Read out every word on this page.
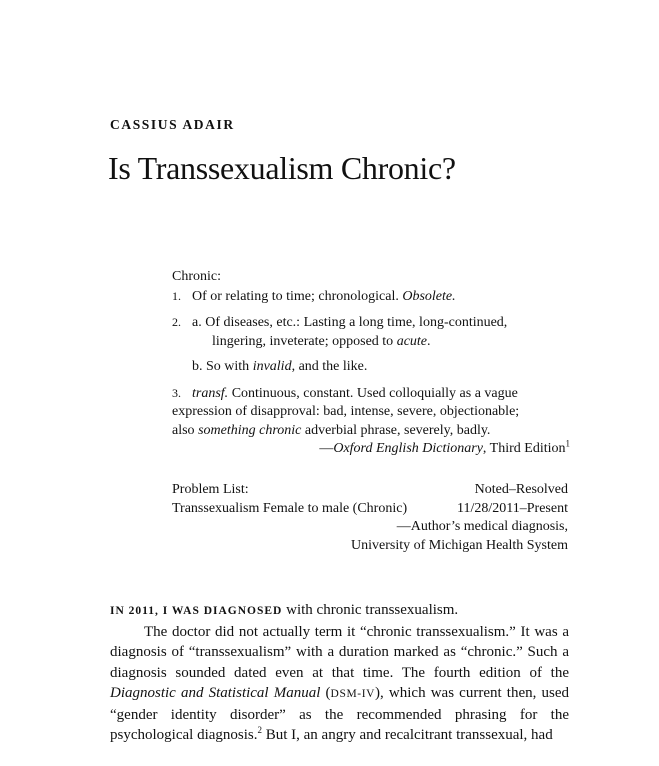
CASSIUS ADAIR
Is Transsexualism Chronic?
Chronic:
1. Of or relating to time; chronological. Obsolete.
2. a. Of diseases, etc.: Lasting a long time, long-continued,
lingering, inveterate; opposed to acute.
b. So with invalid, and the like.
3. transf. Continuous, constant. Used colloquially as a vague
expression of disapproval: bad, intense, severe, objectionable;
also something chronic adverbial phrase, severely, badly.
—Oxford English Dictionary, Third Edition$^1$
Problem List:	Noted–Resolved
Transsexualism Female to male (Chronic)	11/28/2011–Present
—Author’s medical diagnosis,
University of Michigan Health System
IN 2011, I WAS DIAGNOSED with chronic transsexualism.
The doctor did not actually term it “chronic transsexualism.” It was a diagnosis of “transsexualism” with a duration marked as “chronic.” Such a diagnosis sounded dated even at that time. The fourth edition of the Diagnostic and Statistical Manual (DSM-IV), which was current then, used “gender identity disorder” as the recommended phrasing for the psychological diagnosis.$^2$ But I, an angry and recalcitrant transsexual, had
